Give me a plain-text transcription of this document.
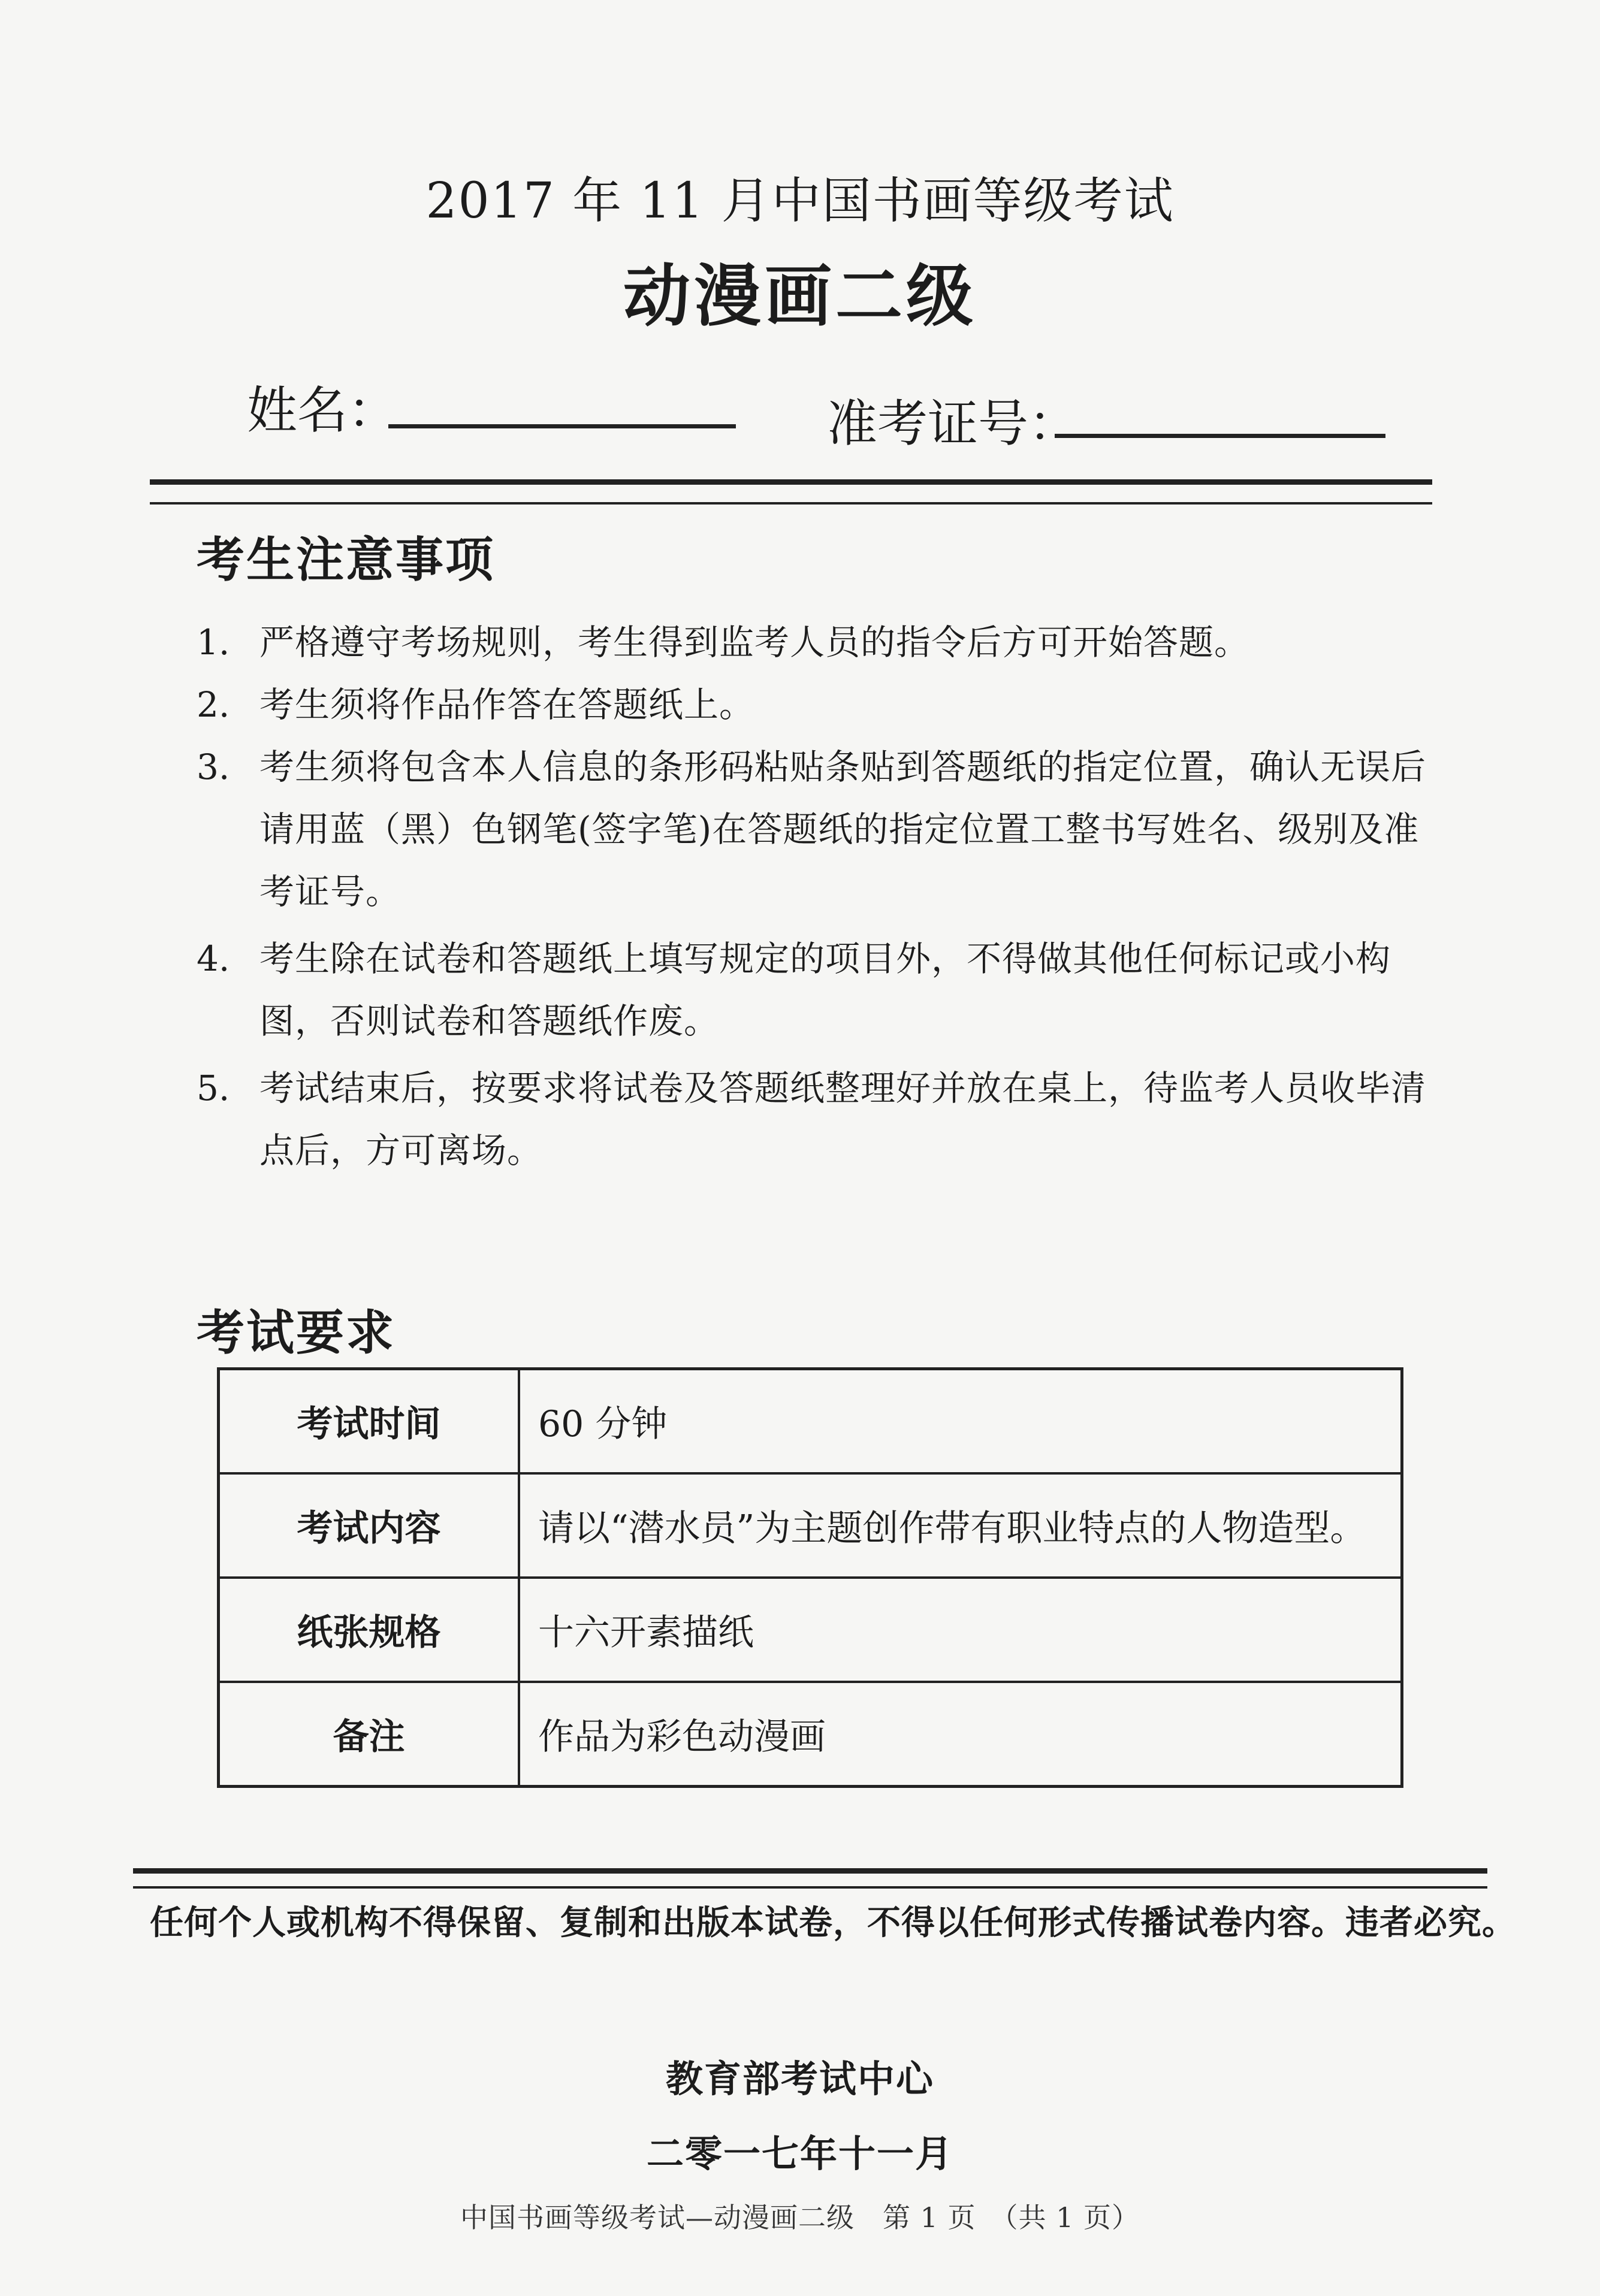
2017 年 11 月中国书画等级考试
动漫画二级
姓名：	准考证号：
考生注意事项
1. 严格遵守考场规则，考生得到监考人员的指令后方可开始答题。
2. 考生须将作品作答在答题纸上。
3. 考生须将包含本人信息的条形码粘贴条贴到答题纸的指定位置，确认无误后请用蓝（黑）色钢笔(签字笔)在答题纸的指定位置工整书写姓名、级别及准考证号。
4. 考生除在试卷和答题纸上填写规定的项目外，不得做其他任何标记或小构图，否则试卷和答题纸作废。
5. 考试结束后，按要求将试卷及答题纸整理好并放在桌上，待监考人员收毕清点后，方可离场。
考试要求
考试时间	60 分钟
考试内容	请以“潜水员”为主题创作带有职业特点的人物造型。
纸张规格	十六开素描纸
备注	作品为彩色动漫画
任何个人或机构不得保留、复制和出版本试卷，不得以任何形式传播试卷内容。违者必究。
教育部考试中心
二零一七年十一月
中国书画等级考试—动漫画二级　第 1 页　（共 1 页）
